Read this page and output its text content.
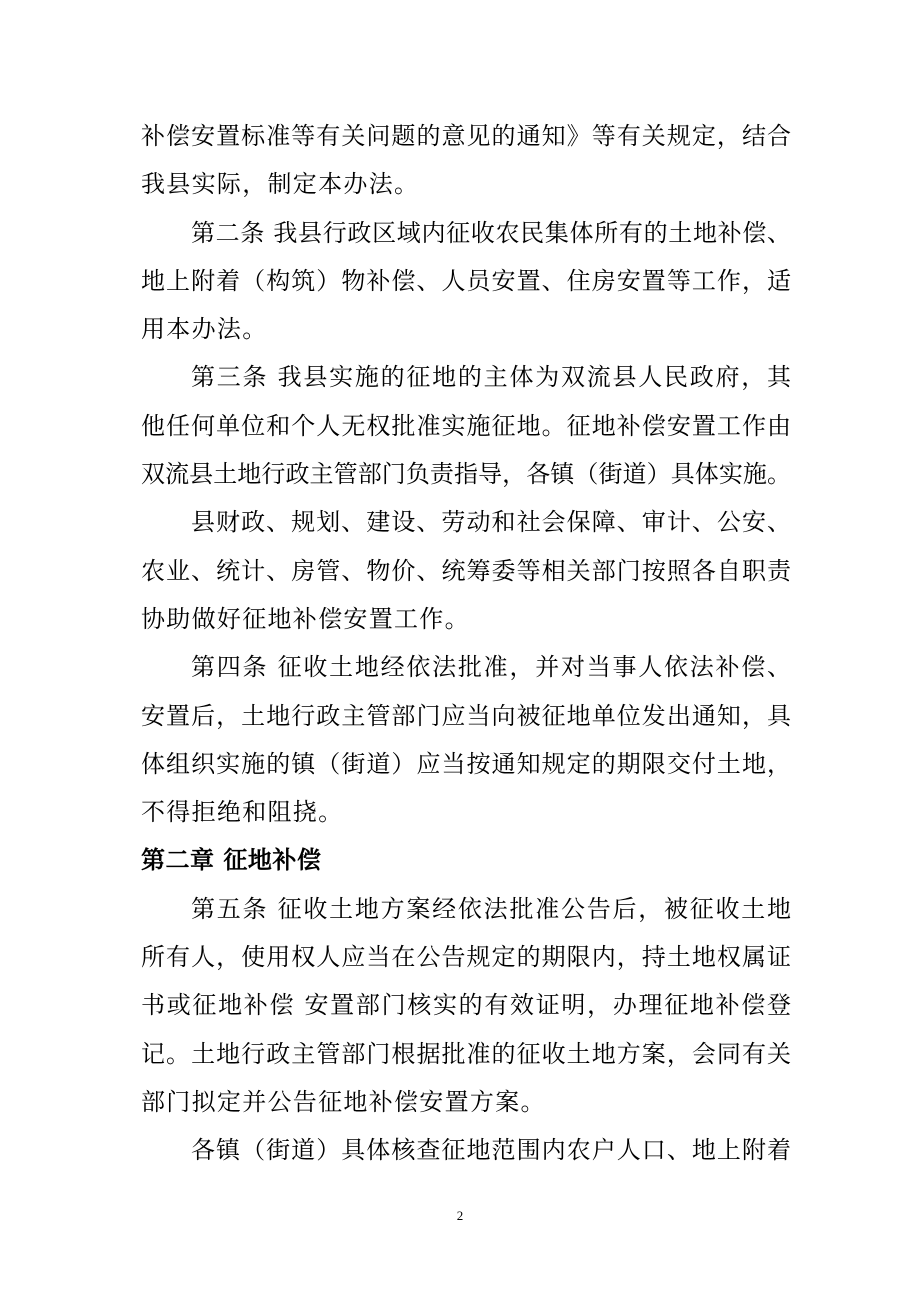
补偿安置标准等有关问题的意见的通知》等有关规定，结合
我县实际，制定本办法。
第二条 我县行政区域内征收农民集体所有的土地补偿、
地上附着（构筑）物补偿、人员安置、住房安置等工作，适
用本办法。
第三条 我县实施的征地的主体为双流县人民政府，其
他任何单位和个人无权批准实施征地。征地补偿安置工作由
双流县土地行政主管部门负责指导，各镇（街道）具体实施。
县财政、规划、建设、劳动和社会保障、审计、公安、
农业、统计、房管、物价、统筹委等相关部门按照各自职责
协助做好征地补偿安置工作。
第四条 征收土地经依法批准，并对当事人依法补偿、
安置后，土地行政主管部门应当向被征地单位发出通知，具
体组织实施的镇（街道）应当按通知规定的期限交付土地，
不得拒绝和阻挠。
第二章 征地补偿
第五条 征收土地方案经依法批准公告后，被征收土地
所有人，使用权人应当在公告规定的期限内，持土地权属证
书或征地补偿 安置部门核实的有效证明，办理征地补偿登
记。土地行政主管部门根据批准的征收土地方案，会同有关
部门拟定并公告征地补偿安置方案。
各镇（街道）具体核查征地范围内农户人口、地上附着
2
